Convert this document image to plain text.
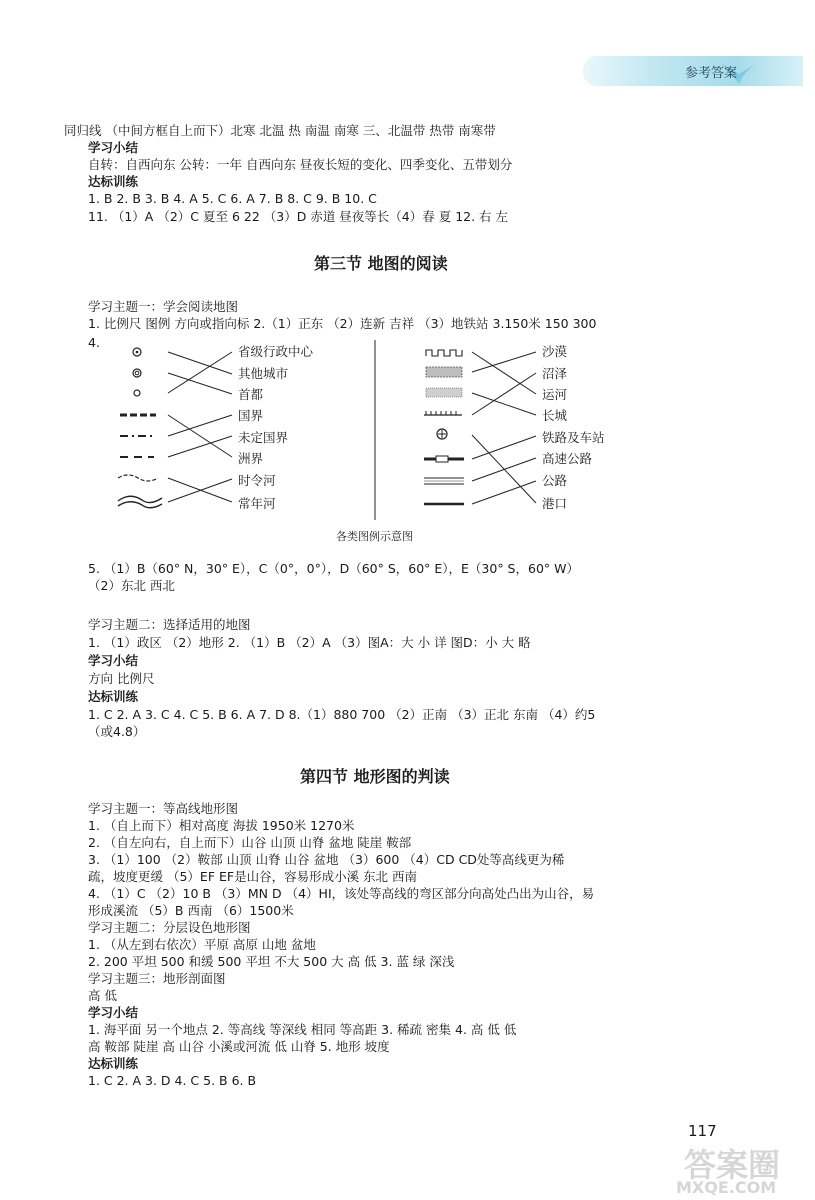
参考答案
同归线 （中间方框自上而下）北寒 北温 热 南温 南寒 三、北温带 热带 南寒带
学习小结
自转：自西向东 公转：一年 自西向东 昼夜长短的变化、四季变化、五带划分
达标训练
1. B 2. B 3. B 4. A 5. C 6. A 7. B 8. C 9. B 10. C
11. （1）A （2）C 夏至 6 22 （3）D 赤道 昼夜等长（4）春 夏 12. 右 左
第三节 地图的阅读
学习主题一：学会阅读地图
1. 比例尺 图例 方向或指向标 2.（1）正东 （2）连新 吉祥 （3）地铁站 3.150米 150 300
4.
省级行政中心
其他城市
首都
国界
未定国界
洲界
时令河
常年河
沙漠
沼泽
运河
长城
铁路及车站
高速公路
公路
港口
各类图例示意图
5. （1）B（60° N，30° E），C（0°，0°），D（60° S，60° E），E（30° S，60° W）
（2）东北 西北
学习主题二：选择适用的地图
1. （1）政区 （2）地形 2. （1）B （2）A （3）图A：大 小 详 图D：小 大 略
学习小结
方向 比例尺
达标训练
1. C 2. A 3. C 4. C 5. B 6. A 7. D 8.（1）880 700 （2）正南 （3）正北 东南 （4）约5
（或4.8）
第四节 地形图的判读
学习主题一：等高线地形图
1. （自上而下）相对高度 海拔 1950米 1270米
2. （自左向右，自上而下）山谷 山顶 山脊 盆地 陡崖 鞍部
3. （1）100 （2）鞍部 山顶 山脊 山谷 盆地 （3）600 （4）CD CD处等高线更为稀
疏，坡度更缓 （5）EF EF是山谷，容易形成小溪 东北 西南
4. （1）C （2）10 B （3）MN D （4）HI，该处等高线的弯区部分向高处凸出为山谷，易
形成溪流 （5）B 西南 （6）1500米
学习主题二：分层设色地形图
1. （从左到右依次）平原 高原 山地 盆地
2. 200 平坦 500 和缓 500 平坦 不大 500 大 高 低 3. 蓝 绿 深浅
学习主题三：地形剖面图
高 低
学习小结
1. 海平面 另一个地点 2. 等高线 等深线 相同 等高距 3. 稀疏 密集 4. 高 低 低
高 鞍部 陡崖 高 山谷 小溪或河流 低 山脊 5. 地形 坡度
达标训练
1. C 2. A 3. D 4. C 5. B 6. B
117
答案圈
MXQE.COM
